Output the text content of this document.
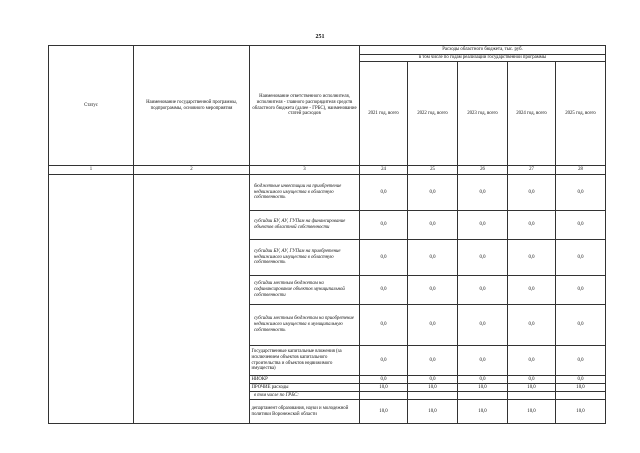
251
Статус	Наименование государственной программы, подпрограммы, основного мероприятия	Наименование ответственного исполнителя, исполнителя - главного распорядителя средств областного бюджета (далее - ГРБС), наименование статей расходов	Расходы областного бюджета, тыс. руб.				
			в том числе по годам реализации государственной программы				
			2021 год, всего	2022 год, всего	2023 год, всего	2024 год, всего	2025 год, всего
1	2	3	24	25	26	27	28
		бюджетные инвестиции на приобретение недвижимого имущества в областную собственность	0,0	0,0	0,0	0,0	0,0
		субсидии БУ, АУ, ГУПам на финансирование объектов областной собственности	0,0	0,0	0,0	0,0	0,0
		субсидии БУ, АУ, ГУПам на приобретение недвижимого имущества в областную собственность	0,0	0,0	0,0	0,0	0,0
		субсидии местным бюджетам на софинансирование объектов муниципальной собственности	0,0	0,0	0,0	0,0	0,0
		субсидии местным бюджетам на приобретение недвижимого имущества в муниципальную собственность	0,0	0,0	0,0	0,0	0,0
		Государственные капитальные вложения (за исключением объектов капитального строительства и объектов недвижимого имущества)	0,0	0,0	0,0	0,0	0,0
		НИОКР	0,0	0,0	0,0	0,0	0,0
		ПРОЧИЕ расходы	10,0	10,0	10,0	10,0	10,0
		в том числе по ГРБС:					
		департамент образования, науки и молодежной политики Воронежской области	10,0	10,0	10,0	10,0	10,0
